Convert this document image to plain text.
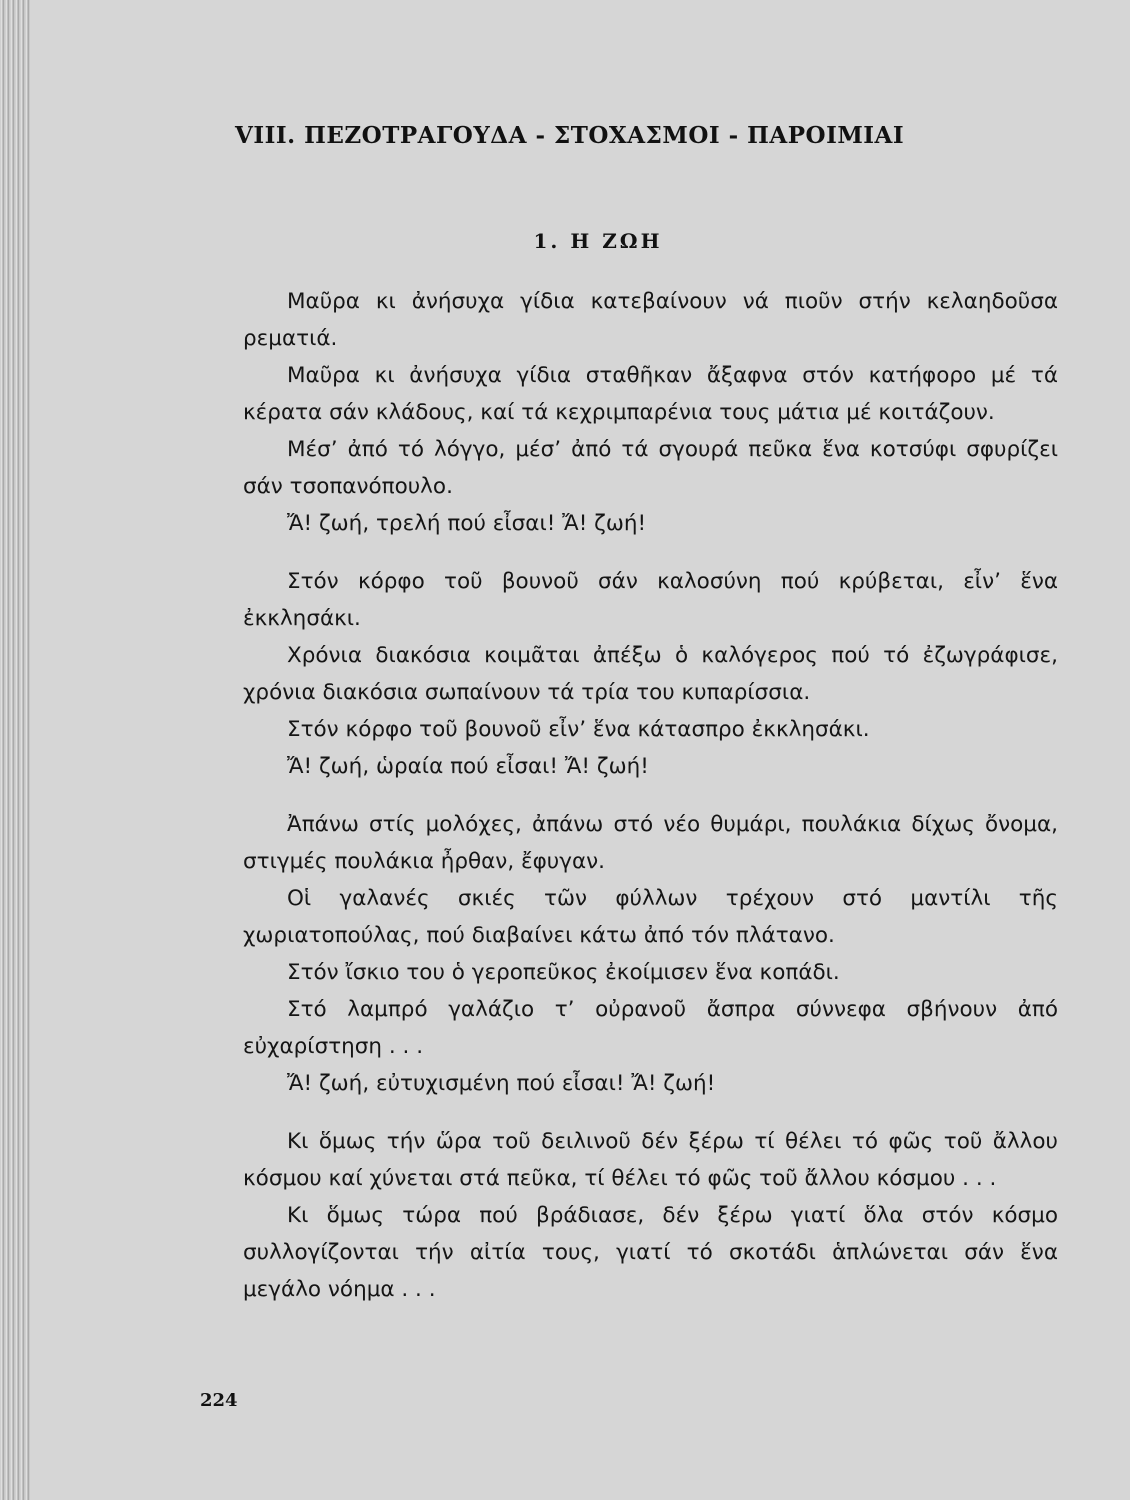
VIII. ΠΕΖΟΤΡΑΓΟΥΔΑ - ΣΤΟΧΑΣΜΟΙ - ΠΑΡΟΙΜΙΑΙ
1. Η ΖΩΗ

Μαῦρα κι ἀνήσυχα γίδια κατεβαίνουν νά πιοῦν στήν κελαηδοῦσα ρεματιά.

Μαῦρα κι ἀνήσυχα γίδια σταθῆκαν ἄξαφνα στόν κατήφορο μέ τά κέρατα σάν κλάδους, καί τά κεχριμπαρένια τους μάτια μέ κοιτάζουν.

Μέσ’ ἀπό τό λόγγο, μέσ’ ἀπό τά σγουρά πεῦκα ἕνα κοτσύφι σφυρίζει σάν τσοπανόπουλο.

Ἄ! ζωή, τρελή πού εἶσαι! Ἄ! ζωή!

Στόν κόρφο τοῦ βουνοῦ σάν καλοσύνη πού κρύβεται, εἶν’ ἕνα ἐκκλησάκι.

Χρόνια διακόσια κοιμᾶται ἀπέξω ὁ καλόγερος πού τό ἐζωγράφισε, χρόνια διακόσια σωπαίνουν τά τρία του κυπαρίσσια.

Στόν κόρφο τοῦ βουνοῦ εἶν’ ἕνα κάτασπρο ἐκκλησάκι.

Ἄ! ζωή, ὡραία πού εἶσαι! Ἄ! ζωή!

Ἀπάνω στίς μολόχες, ἀπάνω στό νέο θυμάρι, πουλάκια δίχως ὄνομα, στιγμές πουλάκια ἦρθαν, ἔφυγαν.

Οἱ γαλανές σκιές τῶν φύλλων τρέχουν στό μαντίλι τῆς χωριατοπούλας, πού διαβαίνει κάτω ἀπό τόν πλάτανο.

Στόν ἴσκιο του ὁ γεροπεῦκος ἐκοίμισεν ἕνα κοπάδι.

Στό λαμπρό γαλάζιο τ’ οὐρανοῦ ἄσπρα σύννεφα σβήνουν ἀπό εὐχαρίστηση . . .

Ἄ! ζωή, εὐτυχισμένη πού εἶσαι! Ἄ! ζωή!

Κι ὅμως τήν ὥρα τοῦ δειλινοῦ δέν ξέρω τί θέλει τό φῶς τοῦ ἄλλου κόσμου καί χύνεται στά πεῦκα, τί θέλει τό φῶς τοῦ ἄλλου κόσμου . . .

Κι ὅμως τώρα πού βράδιασε, δέν ξέρω γιατί ὅλα στόν κόσμο συλλογίζονται τήν αἰτία τους, γιατί τό σκοτάδι ἁπλώνεται σάν ἕνα μεγάλο νόημα . . .

224
